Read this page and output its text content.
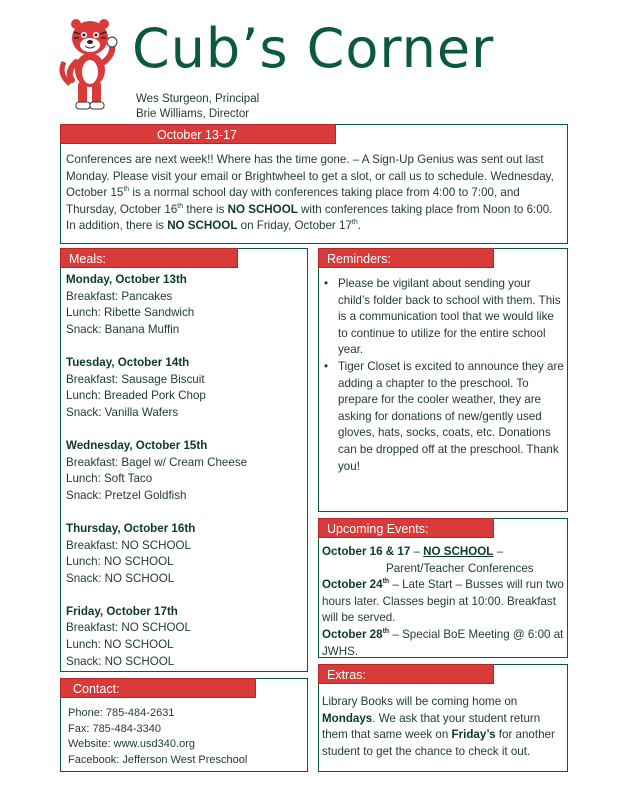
Cub’s Corner
Wes Sturgeon, Principal
Brie Williams, Director
October 13-17
Conferences are next week!! Where has the time gone. – A Sign-Up Genius was sent out last Monday. Please visit your email or Brightwheel to get a slot, or call us to schedule. Wednesday, October 15th is a normal school day with conferences taking place from 4:00 to 7:00, and Thursday, October 16th there is NO SCHOOL with conferences taking place from Noon to 6:00. In addition, there is NO SCHOOL on Friday, October 17th.
Meals:
Monday, October 13th
Breakfast: Pancakes
Lunch: Ribette Sandwich
Snack: Banana Muffin
Tuesday, October 14th
Breakfast: Sausage Biscuit
Lunch: Breaded Pork Chop
Snack: Vanilla Wafers
Wednesday, October 15th
Breakfast: Bagel w/ Cream Cheese
Lunch: Soft Taco
Snack: Pretzel Goldfish
Thursday, October 16th
Breakfast: NO SCHOOL
Lunch: NO SCHOOL
Snack: NO SCHOOL
Friday, October 17th
Breakfast: NO SCHOOL
Lunch: NO SCHOOL
Snack: NO SCHOOL
Reminders:
• Please be vigilant about sending your child’s folder back to school with them. This is a communication tool that we would like to continue to utilize for the entire school year.
• Tiger Closet is excited to announce they are adding a chapter to the preschool. To prepare for the cooler weather, they are asking for donations of new/gently used gloves, hats, socks, coats, etc. Donations can be dropped off at the preschool. Thank you!
Upcoming Events:
October 16 & 17 – NO SCHOOL –
Parent/Teacher Conferences
October 24th – Late Start – Busses will run two hours later. Classes begin at 10:00. Breakfast will be served.
October 28th – Special BoE Meeting @ 6:00 at JWHS.
Contact:
Phone: 785-484-2631
Fax: 785-484-3340
Website: www.usd340.org
Facebook: Jefferson West Preschool
Extras:
Library Books will be coming home on Mondays. We ask that your student return them that same week on Friday’s for another student to get the chance to check it out.
